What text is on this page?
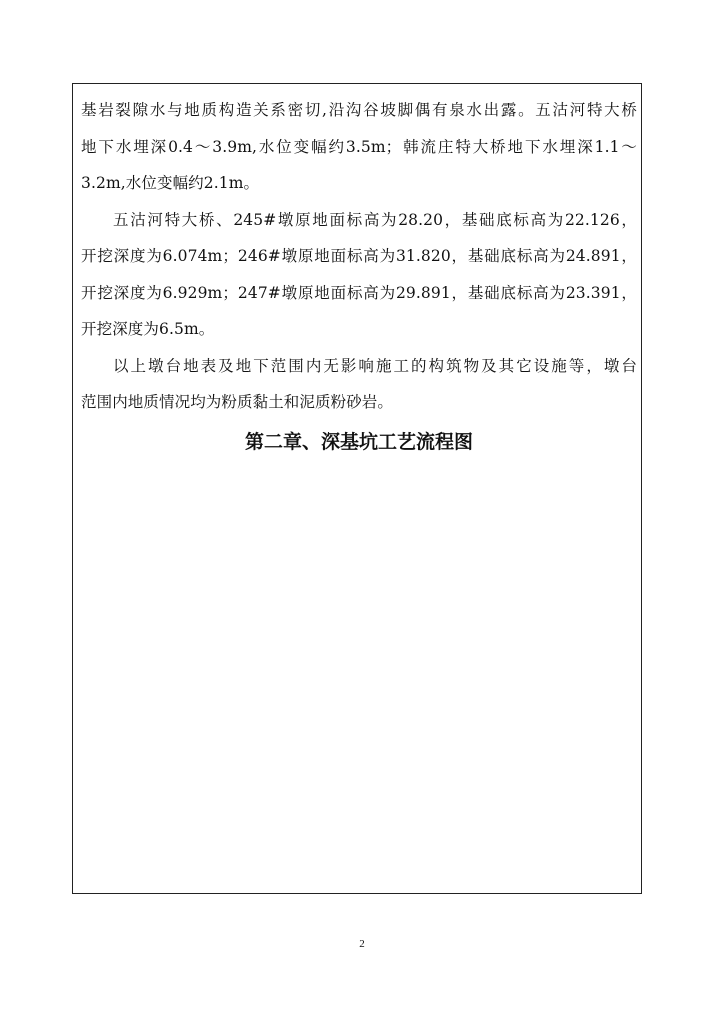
基岩裂隙水与地质构造关系密切,沿沟谷坡脚偶有泉水出露。五沽河特大桥
地下水埋深0.4～3.9m,水位变幅约3.5m；韩流庄特大桥地下水埋深1.1～
3.2m,水位变幅约2.1m。
五沽河特大桥、245#墩原地面标高为28.20，基础底标高为22.126，
开挖深度为6.074m；246#墩原地面标高为31.820，基础底标高为24.891，
开挖深度为6.929m；247#墩原地面标高为29.891，基础底标高为23.391，
开挖深度为6.5m。
以上墩台地表及地下范围内无影响施工的构筑物及其它设施等，墩台
范围内地质情况均为粉质黏土和泥质粉砂岩。
第二章、深基坑工艺流程图
2
